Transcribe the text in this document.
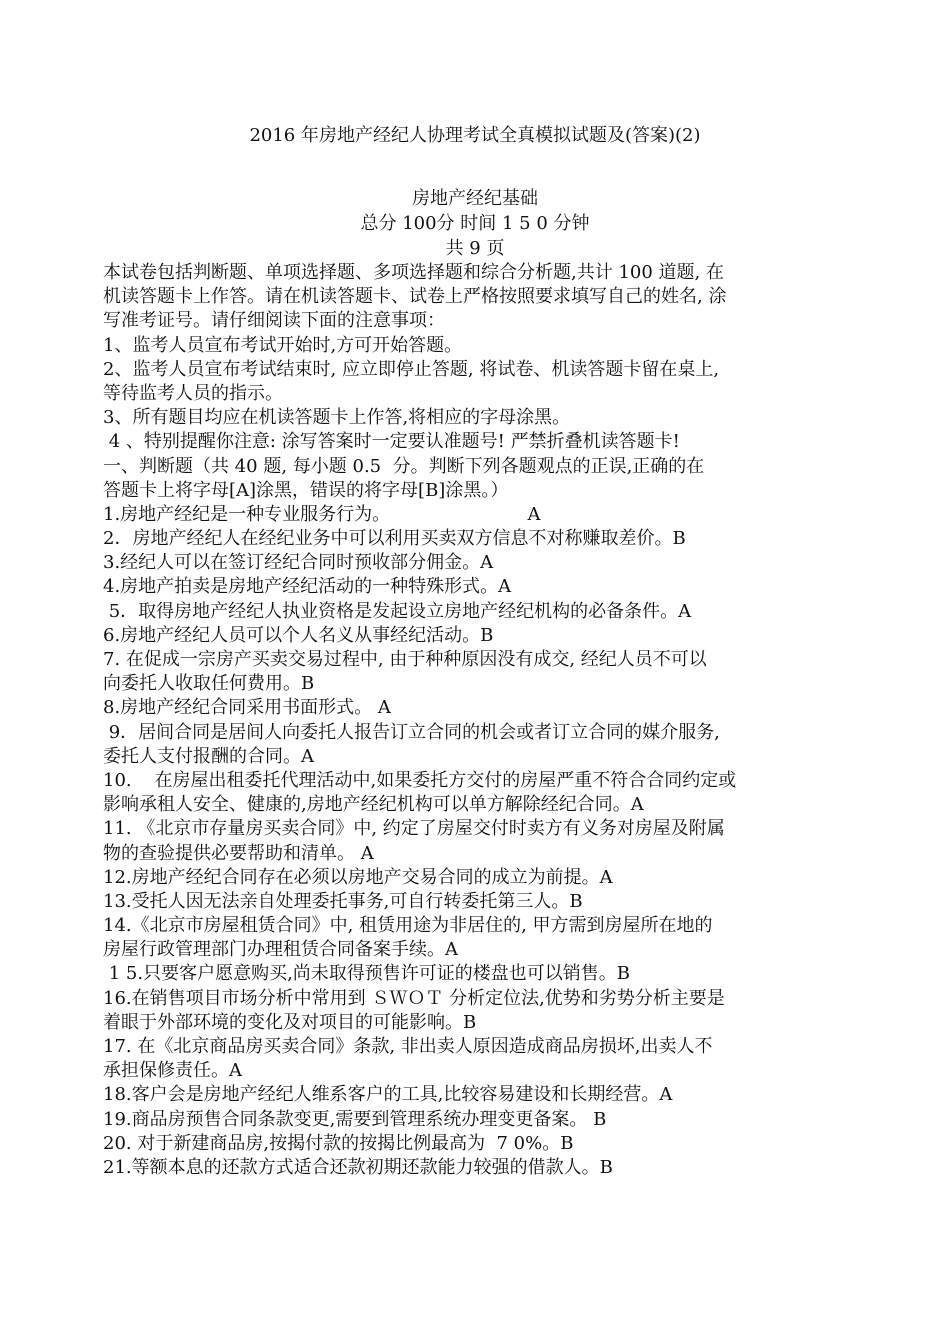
2016 年房地产经纪人协理考试全真模拟试题及(答案)(2)
房地产经纪基础
总分 100分 时间 1 5 0 分钟
共 9 页
本试卷包括判断题、单项选择题、多项选择题和综合分析题,共计 100 道题, 在
机读答题卡上作答。请在机读答题卡、试卷上严格按照要求填写自己的姓名, 涂
写准考证号。请仔细阅读下面的注意事项：
1、监考人员宣布考试开始时,方可开始答题。
2、监考人员宣布考试结束时, 应立即停止答题, 将试卷、机读答题卡留在桌上,
等待监考人员的指示。
3、所有题目均应在机读答题卡上作答,将相应的字母涂黑。
4 、特别提醒你注意: 涂写答案时一定要认准题号! 严禁折叠机读答题卡!
一、判断题（共 40 题, 每小题 0.5  分。判断下列各题观点的正误,正确的在
答题卡上将字母[A]涂黑，错误的将字母[B]涂黑。）
1.房地产经纪是一种专业服务行为。                        A
2．房地产经纪人在经纪业务中可以利用买卖双方信息不对称赚取差价。B
3.经纪人可以在签订经纪合同时预收部分佣金。A
4.房地产拍卖是房地产经纪活动的一种特殊形式。A
5．取得房地产经纪人执业资格是发起设立房地产经纪机构的必备条件。A
6.房地产经纪人员可以个人名义从事经纪活动。B
7. 在促成一宗房产买卖交易过程中, 由于种种原因没有成交, 经纪人员不可以
向委托人收取任何费用。B
8.房地产经纪合同采用书面形式。 A
9．居间合同是居间人向委托人报告订立合同的机会或者订立合同的媒介服务,
委托人支付报酬的合同。A
10.    在房屋出租委托代理活动中,如果委托方交付的房屋严重不符合合同约定或
影响承租人安全、健康的,房地产经纪机构可以单方解除经纪合同。A
11. 《北京市存量房买卖合同》中, 约定了房屋交付时卖方有义务对房屋及附属
物的查验提供必要帮助和清单。 A
12.房地产经纪合同存在必须以房地产交易合同的成立为前提。A
13.受托人因无法亲自处理委托事务,可自行转委托第三人。B
14.《北京市房屋租赁合同》中, 租赁用途为非居住的, 甲方需到房屋所在地的
房屋行政管理部门办理租赁合同备案手续。A
1 5.只要客户愿意购买,尚未取得预售许可证的楼盘也可以销售。B
16.在销售项目市场分析中常用到 ＳＷＯＴ 分析定位法,优势和劣势分析主要是
着眼于外部环境的变化及对项目的可能影响。B
17. 在《北京商品房买卖合同》条款, 非出卖人原因造成商品房损坏,出卖人不
承担保修责任。A
18.客户会是房地产经纪人维系客户的工具,比较容易建设和长期经营。A
19.商品房预售合同条款变更,需要到管理系统办理变更备案。 B
20. 对于新建商品房,按揭付款的按揭比例最高为  7 0%。B
21.等额本息的还款方式适合还款初期还款能力较强的借款人。B
